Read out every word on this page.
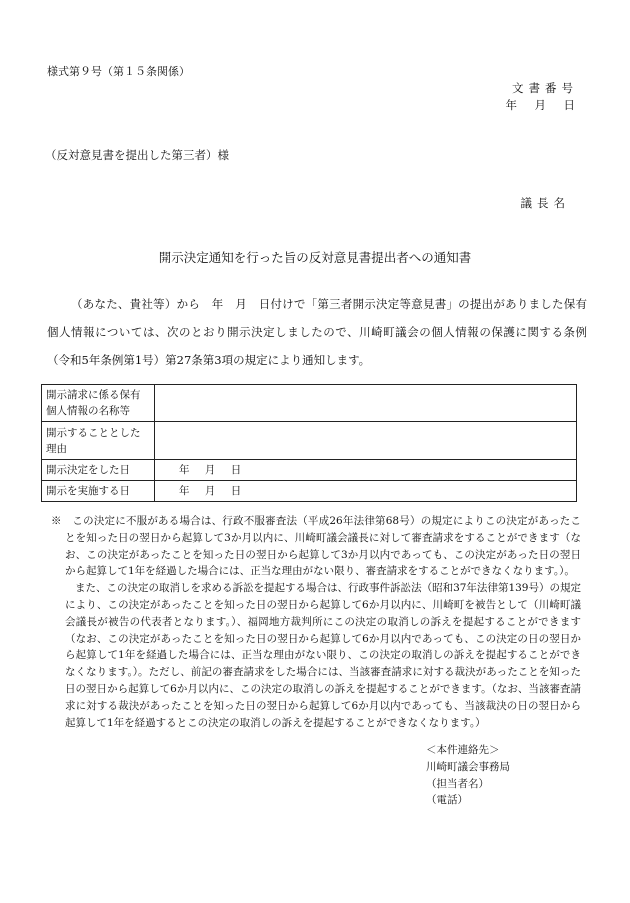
様式第９号（第１５条関係）
文書番号
年　月　日
（反対意見書を提出した第三者）様
議長名
開示決定通知を行った旨の反対意見書提出者への通知書
（あなた、貴社等）から　年　月　日付けで「第三者開示決定等意見書」の提出がありました保有個人情報については、次のとおり開示決定しましたので、川崎町議会の個人情報の保護に関する条例（令和5年条例第1号）第27条第3項の規定により通知します。
開示請求に係る保有個人情報の名称等	
開示することとした理由	
開示決定をした日	年 月 日
開示を実施する日	年 月 日

※　この決定に不服がある場合は、行政不服審査法（平成26年法律第68号）の規定によりこの決定があったことを知った日の翌日から起算して3か月以内に、川崎町議会議長に対して審査請求をすることができます（なお、この決定があったことを知った日の翌日から起算して3か月以内であっても、この決定があった日の翌日から起算して1年を経過した場合には、正当な理由がない限り、審査請求をすることができなくなります。）。

また、この決定の取消しを求める訴訟を提起する場合は、行政事件訴訟法（昭和37年法律第139号）の規定により、この決定があったことを知った日の翌日から起算して6か月以内に、川崎町を被告として（川崎町議会議長が被告の代表者となります。）、福岡地方裁判所にこの決定の取消しの訴えを提起することができます（なお、この決定があったことを知った日の翌日から起算して6か月以内であっても、この決定の日の翌日から起算して1年を経過した場合には、正当な理由がない限り、この決定の取消しの訴えを提起することができなくなります。）。ただし、前記の審査請求をした場合には、当該審査請求に対する裁決があったことを知った日の翌日から起算して6か月以内に、この決定の取消しの訴えを提起することができます。（なお、当該審査請求に対する裁決があったことを知った日の翌日から起算して6か月以内であっても、当該裁決の日の翌日から起算して1年を経過するとこの決定の取消しの訴えを提起することができなくなります。）

＜本件連絡先＞
川崎町議会事務局
（担当者名）
（電話）
